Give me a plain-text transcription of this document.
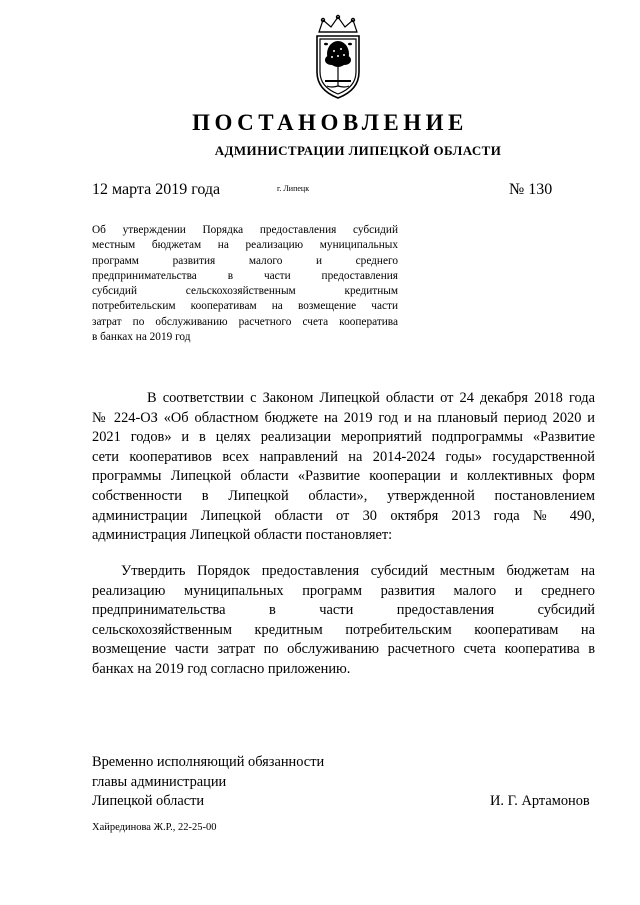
ПОСТАНОВЛЕНИЕ
АДМИНИСТРАЦИИ ЛИПЕЦКОЙ ОБЛАСТИ
12 марта 2019 года	г. Липецк	№ 130
Об утверждении Порядка предоставления субсидий
местным бюджетам на реализацию муниципальных
программ развития малого и среднего
предпринимательства в части предоставления
субсидий сельскохозяйственным кредитным
потребительским кооперативам на возмещение части
затрат по обслуживанию расчетного счета кооператива
в банках на 2019 год
В соответствии с Законом Липецкой области от 24 декабря 2018 года
№ 224-ОЗ «Об областном бюджете на 2019 год и на плановый период 2020 и
2021 годов» и в целях реализации мероприятий подпрограммы «Развитие
сети кооперативов всех направлений на 2014-2024 годы» государственной
программы Липецкой области «Развитие кооперации и коллективных форм
собственности в Липецкой области», утвержденной постановлением
администрации Липецкой области от 30 октября 2013 года № 490,
администрация Липецкой области постановляет:
Утвердить Порядок предоставления субсидий местным бюджетам на
реализацию муниципальных программ развития малого и среднего
предпринимательства в части предоставления субсидий
сельскохозяйственным кредитным потребительским кооперативам на
возмещение части затрат по обслуживанию расчетного счета кооператива в
банках на 2019 год согласно приложению.
Временно исполняющий обязанности
главы администрации
Липецкой области	И. Г. Артамонов
Хайрединова Ж.Р., 22-25-00
